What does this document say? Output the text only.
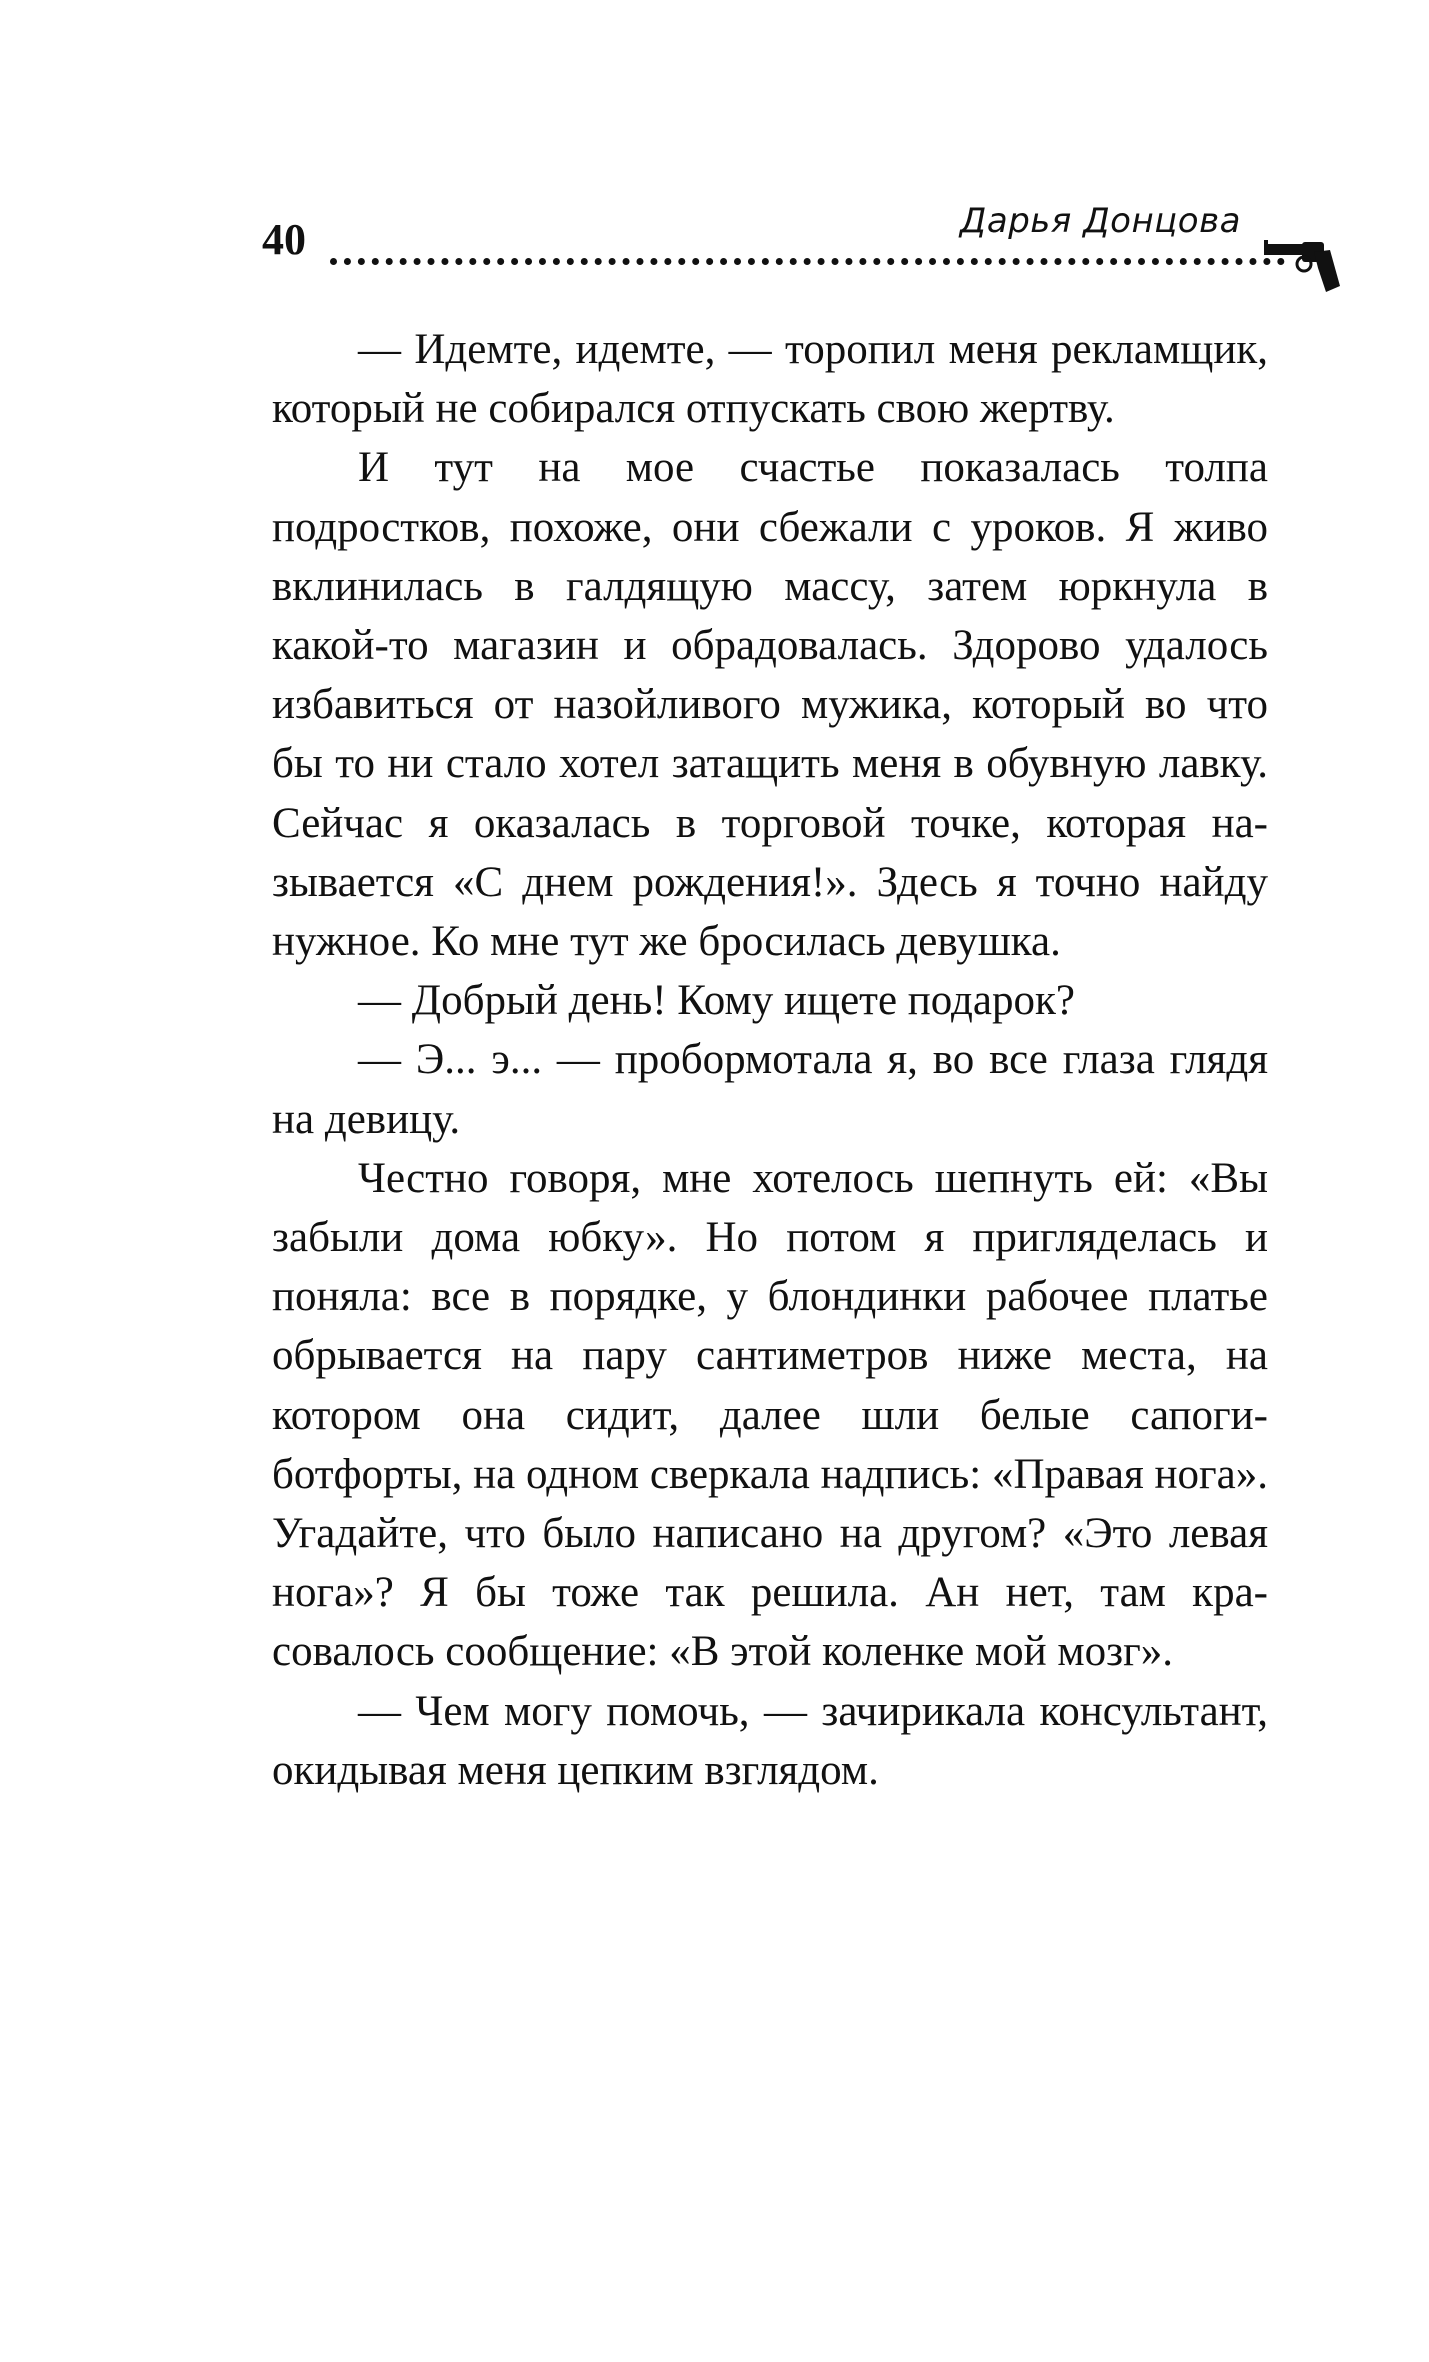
40	Дарья Донцова

— Идемте, идемте, — торопил меня рекламщик, который не собирался отпускать свою жертву.

И тут на мое счастье показалась толпа подростков, похоже, они сбежали с уроков. Я живо вклинилась в галдящую массу, затем юркнула в какой-то магазин и обрадовалась. Здорово удалось избавиться от назойливого мужика, который во что бы то ни стало хотел затащить меня в обувную лавку. Сейчас я оказалась в торговой точке, которая называется «С днем рождения!». Здесь я точно найду нужное. Ко мне тут же бросилась девушка.

— Добрый день! Кому ищете подарок?

— Э... э... — пробормотала я, во все глаза глядя на девицу.

Честно говоря, мне хотелось шепнуть ей: «Вы забыли дома юбку». Но потом я пригляделась и поняла: все в порядке, у блондинки рабочее платье обрывается на пару сантиметров ниже места, на котором она сидит, далее шли белые сапоги-ботфорты, на одном сверкала надпись: «Правая нога». Угадайте, что было написано на другом? «Это левая нога»? Я бы тоже так решила. Ан нет, там красовалось сообщение: «В этой коленке мой мозг».

— Чем могу помочь, — зачирикала консультант, окидывая меня цепким взглядом.
